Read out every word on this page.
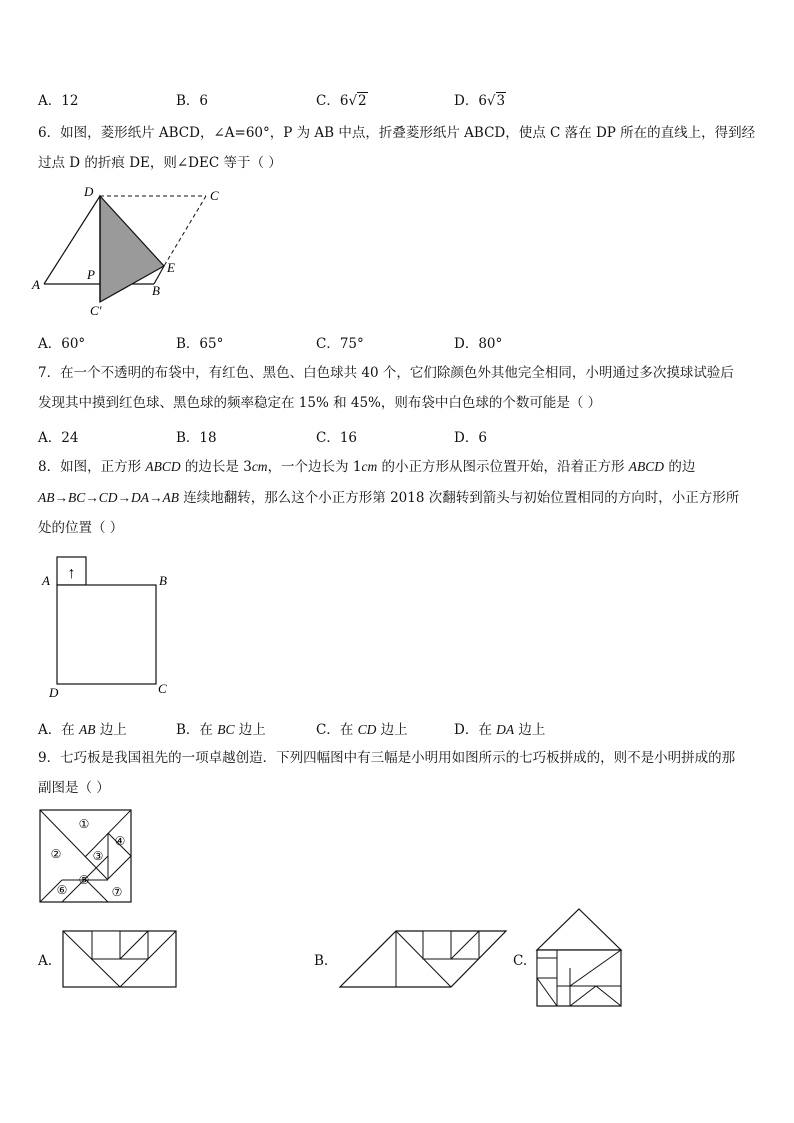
A．12	B．6	C．6√2	D．6√3
6．如图，菱形纸片 ABCD，∠A=60°，P 为 AB 中点，折叠菱形纸片 ABCD，使点 C 落在 DP 所在的直线上，得到经
过点 D 的折痕 DE，则∠DEC 等于（ ）
D	C
A
P
B
E
C′
A．60°	B．65°	C．75°	D．80°
7．在一个不透明的布袋中，有红色、黑色、白色球共 40 个，它们除颜色外其他完全相同，小明通过多次摸球试验后
发现其中摸到红色球、黑色球的频率稳定在 15% 和 45%，则布袋中白色球的个数可能是（ ）
A．24	B．18	C．16	D．6
8．如图，正方形 ABCD 的边长是 3cm，一个边长为 1cm 的小正方形从图示位置开始，沿着正方形 ABCD 的边
AB→BC→CD→DA→AB 连续地翻转，那么这个小正方形第 2018 次翻转到箭头与初始位置相同的方向时，小正方形所
处的位置（ ）
↑
A	B
C
D
A．在 AB 边上	B．在 BC 边上	C．在 CD 边上	D．在 DA 边上
9．七巧板是我国祖先的一项卓越创造．下列四幅图中有三幅是小明用如图所示的七巧板拼成的，则不是小明拼成的那
副图是（ ）
①
②	③
④
⑤
⑥	⑦
A.	B.	C.
